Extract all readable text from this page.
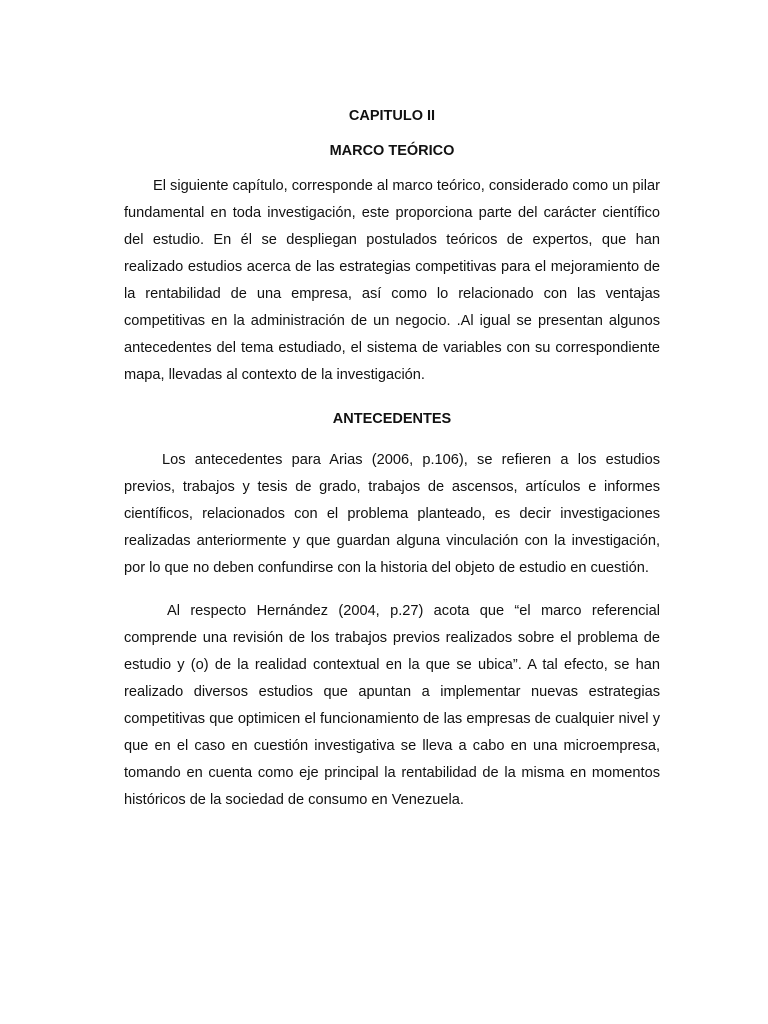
CAPITULO II
MARCO TEÓRICO

El siguiente capítulo, corresponde al marco teórico, considerado como un pilar fundamental en toda investigación, este proporciona parte del carácter científico del estudio. En él se despliegan postulados teóricos de expertos, que han realizado estudios acerca de las estrategias competitivas para el mejoramiento de la rentabilidad de una empresa, así como lo relacionado con las ventajas competitivas en la administración de un negocio. .Al igual se presentan algunos antecedentes del tema estudiado, el sistema de variables con su correspondiente mapa, llevadas al contexto de la investigación.

ANTECEDENTES

Los antecedentes para Arias (2006, p.106), se refieren a los estudios previos, trabajos y tesis de grado, trabajos de ascensos, artículos e informes científicos, relacionados con el problema planteado, es decir investigaciones realizadas anteriormente y que guardan alguna vinculación con la investigación, por lo que no deben confundirse con la historia del objeto de estudio en cuestión.

Al respecto Hernández (2004, p.27) acota que “el marco referencial comprende una revisión de los trabajos previos realizados sobre el problema de estudio y (o) de la realidad contextual en la que se ubica”. A tal efecto, se han realizado diversos estudios que apuntan a implementar nuevas estrategias competitivas que optimicen el funcionamiento de las empresas de cualquier nivel y que en el caso en cuestión investigativa se lleva a cabo en una microempresa, tomando en cuenta como eje principal la rentabilidad de la misma en momentos históricos de la sociedad de consumo en Venezuela.
